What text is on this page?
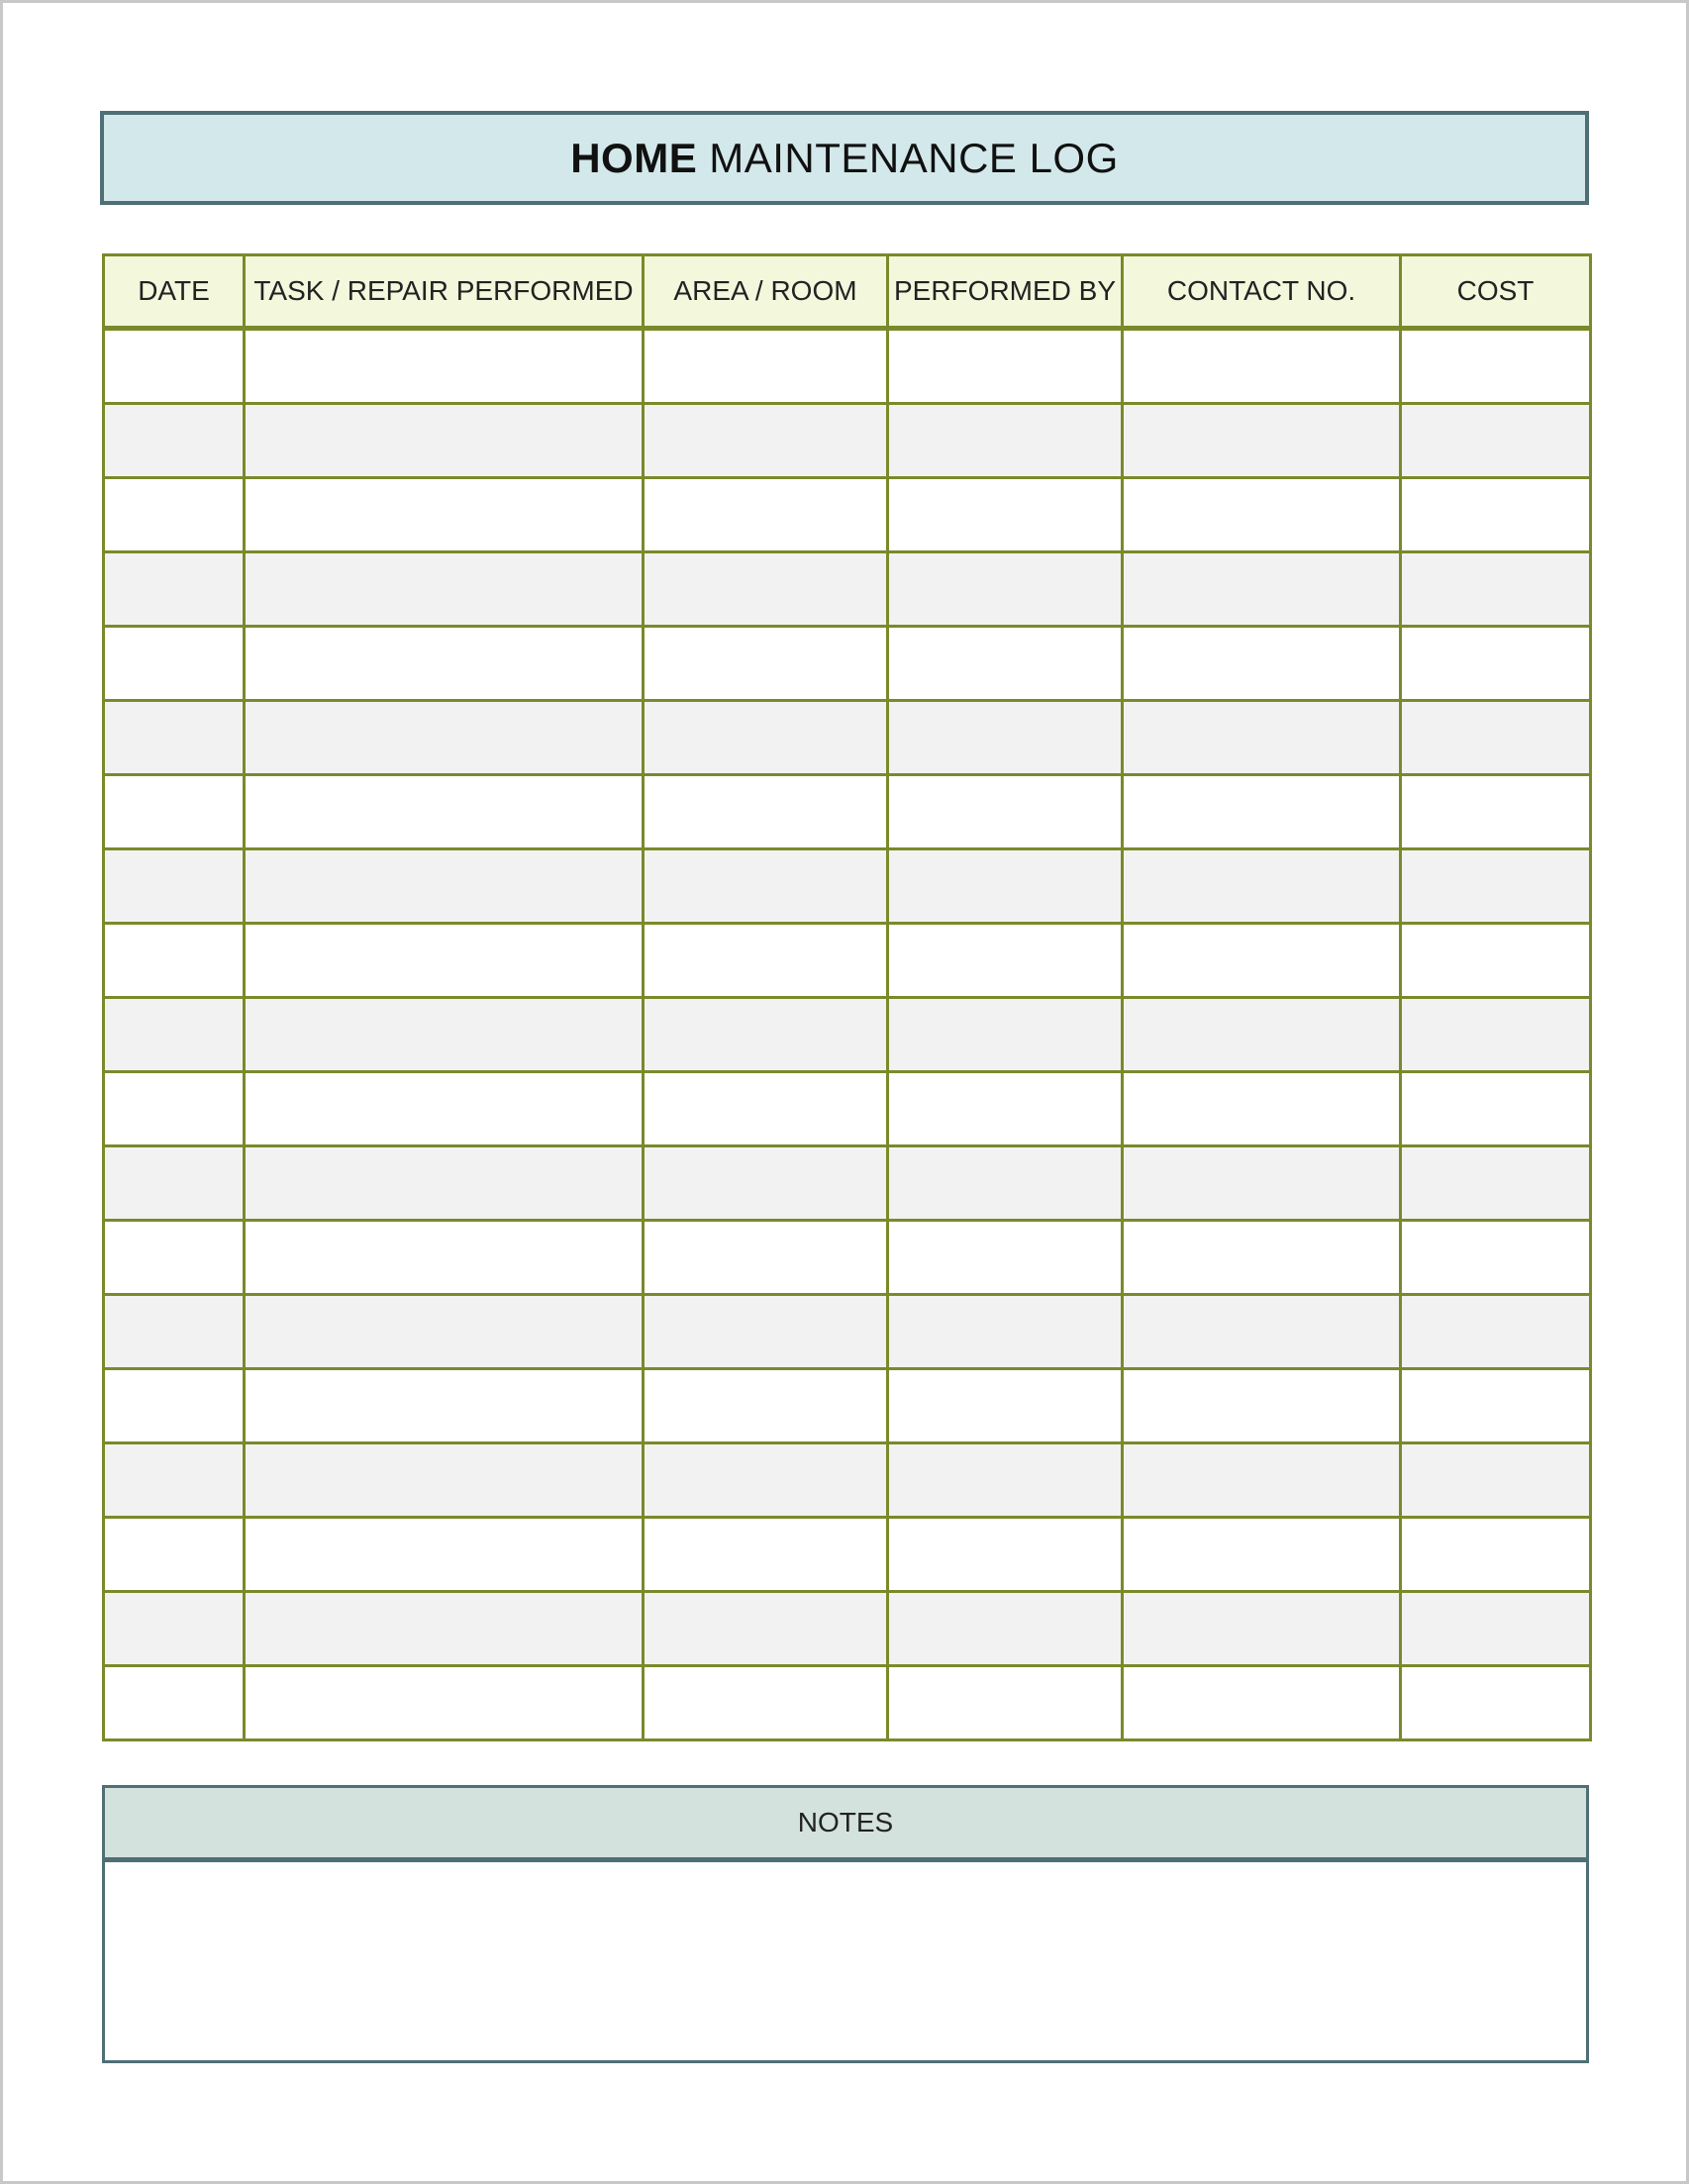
HOME MAINTENANCE LOG
DATE	TASK / REPAIR PERFORMED	AREA / ROOM	PERFORMED BY	CONTACT NO.	COST

NOTES
